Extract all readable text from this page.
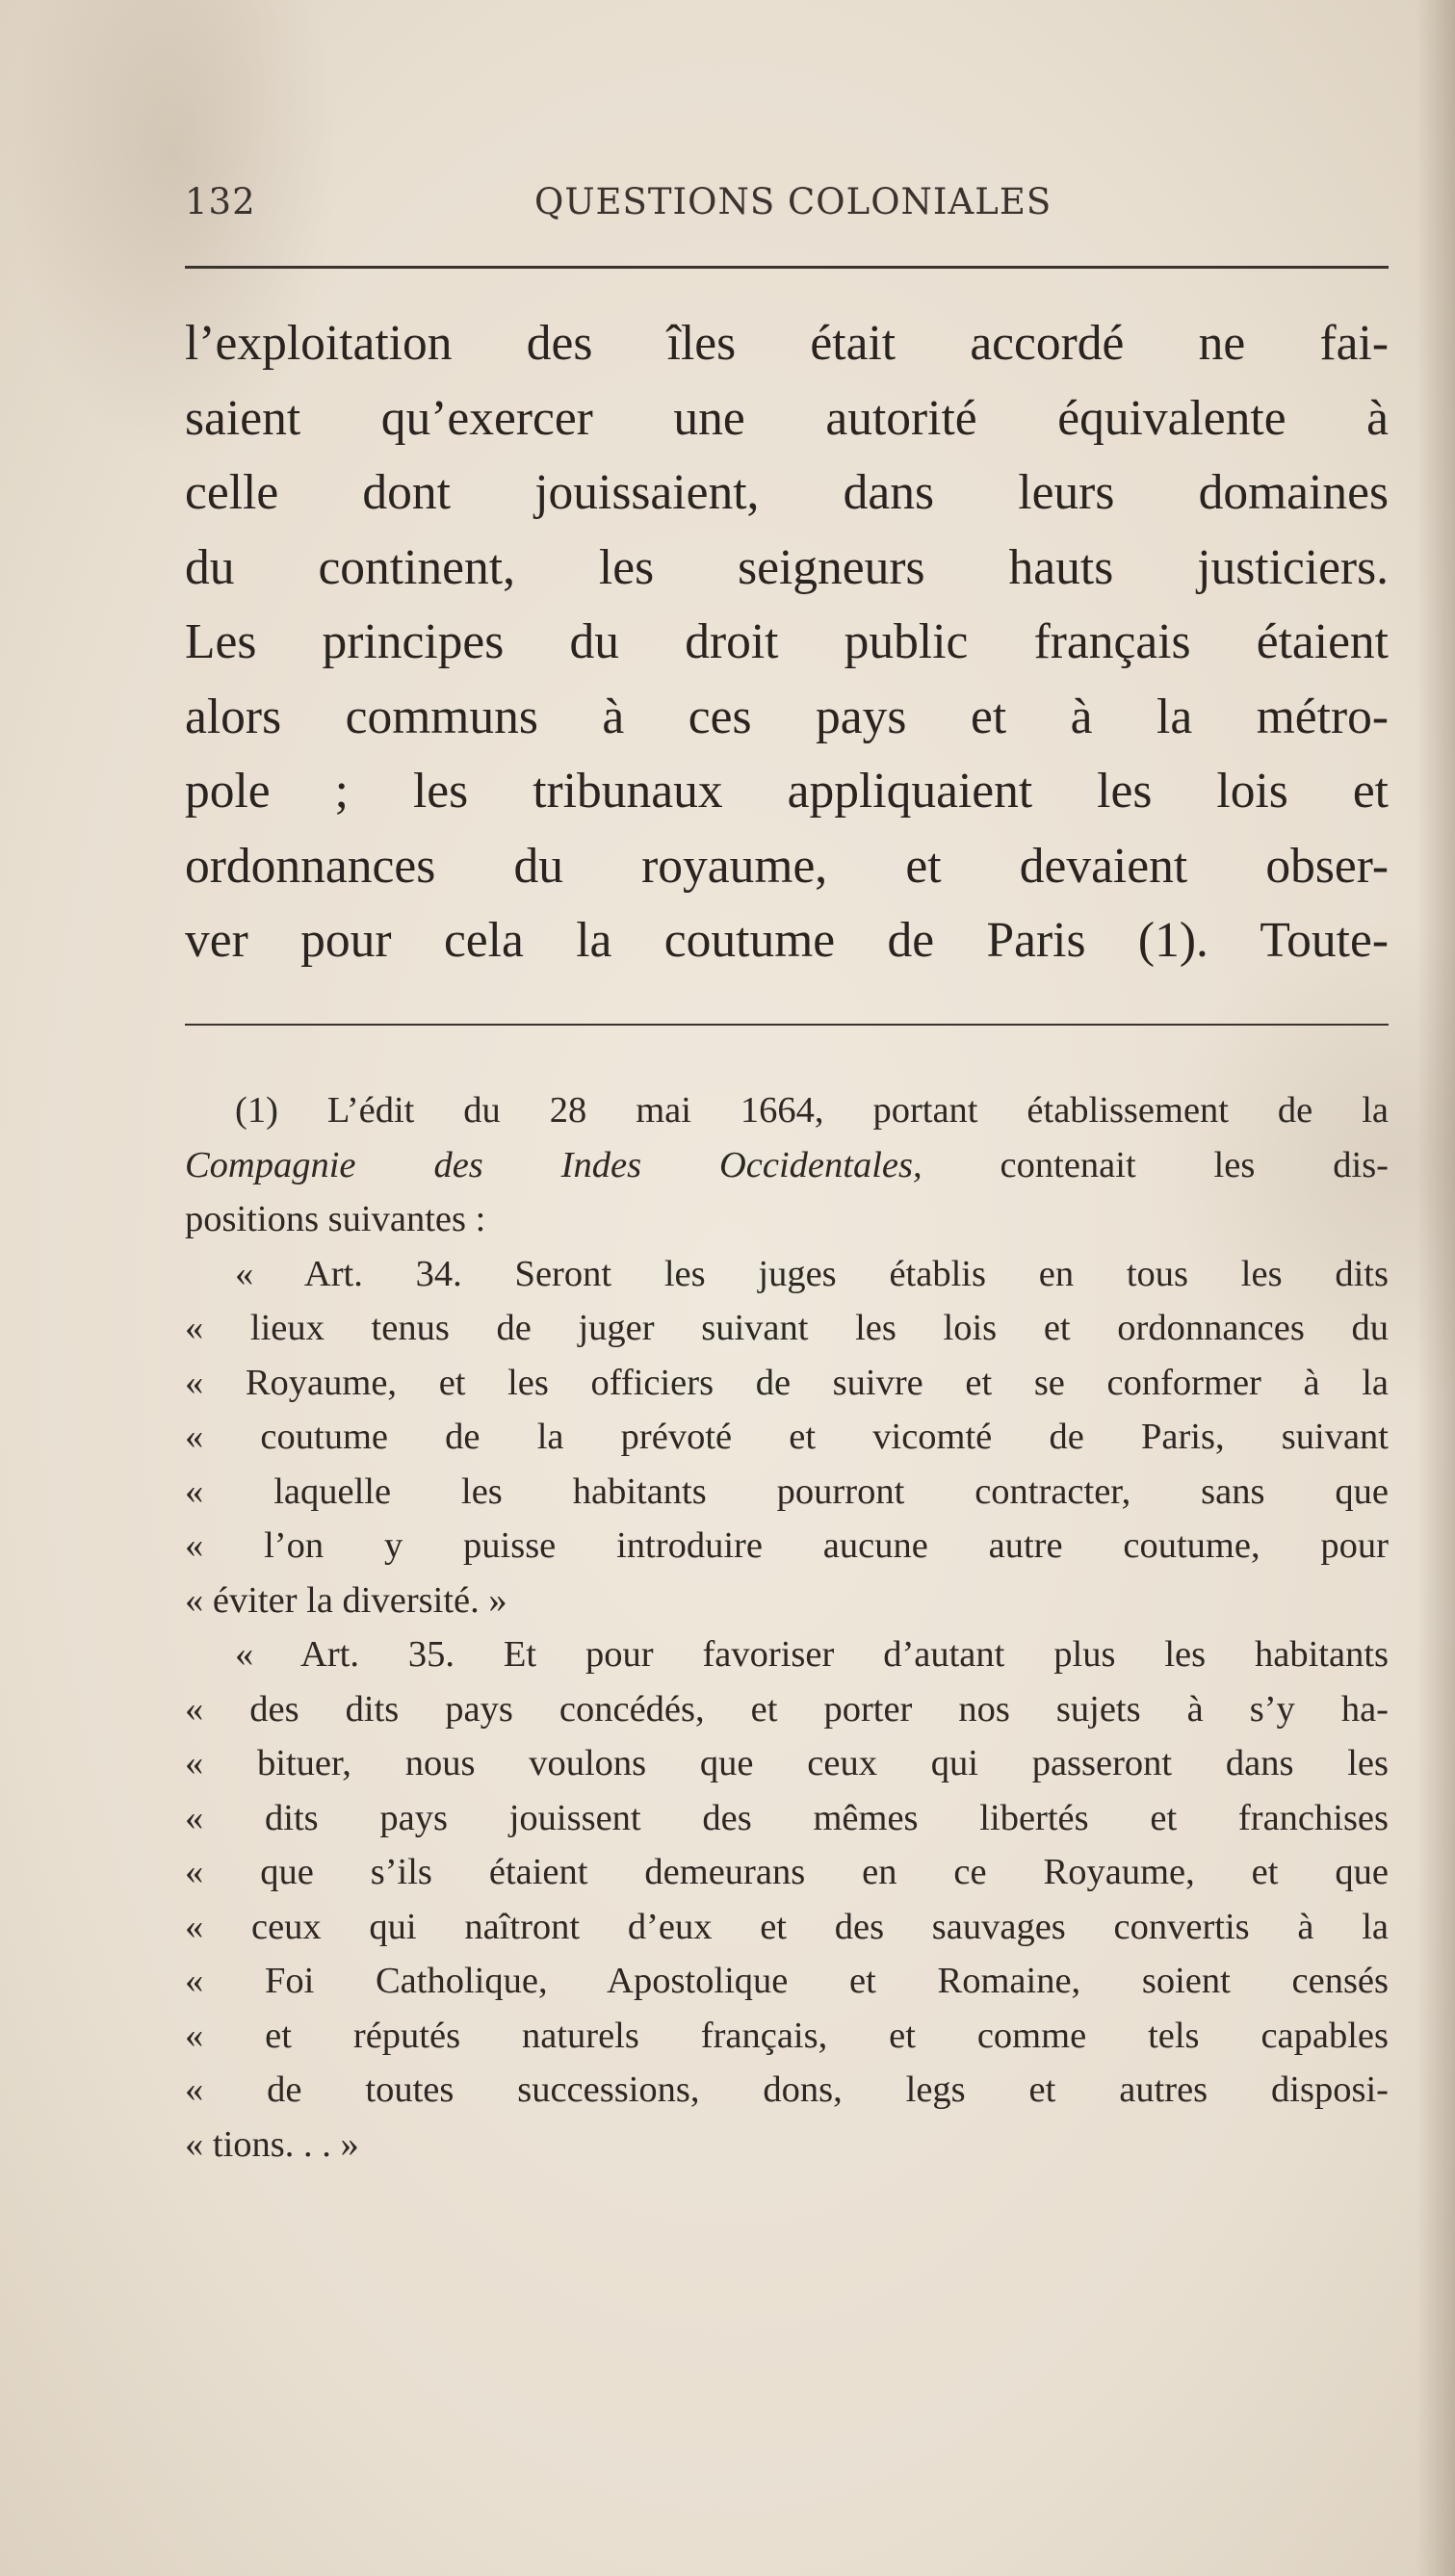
132	QUESTIONS COLONIALES
l’exploitation des îles était accordé ne fai-
saient qu’exercer une autorité équivalente à
celle dont jouissaient, dans leurs domaines
du continent, les seigneurs hauts justiciers.
Les principes du droit public français étaient
alors communs à ces pays et à la métro-
pole ; les tribunaux appliquaient les lois et
ordonnances du royaume, et devaient obser-
ver pour cela la coutume de Paris (1). Toute-
(1) L’édit du 28 mai 1664, portant établissement de la
Compagnie des Indes Occidentales, contenait les dis-
positions suivantes :
« Art. 34. Seront les juges établis en tous les dits
« lieux tenus de juger suivant les lois et ordonnances du
« Royaume, et les officiers de suivre et se conformer à la
« coutume de la prévoté et vicomté de Paris, suivant
« laquelle les habitants pourront contracter, sans que
« l’on y puisse introduire aucune autre coutume, pour
« éviter la diversité. »
« Art. 35. Et pour favoriser d’autant plus les habitants
« des dits pays concédés, et porter nos sujets à s’y ha-
« bituer, nous voulons que ceux qui passeront dans les
« dits pays jouissent des mêmes libertés et franchises
« que s’ils étaient demeurans en ce Royaume, et que
« ceux qui naîtront d’eux et des sauvages convertis à la
« Foi Catholique, Apostolique et Romaine, soient censés
« et réputés naturels français, et comme tels capables
« de toutes successions, dons, legs et autres disposi-
« tions. . . »
